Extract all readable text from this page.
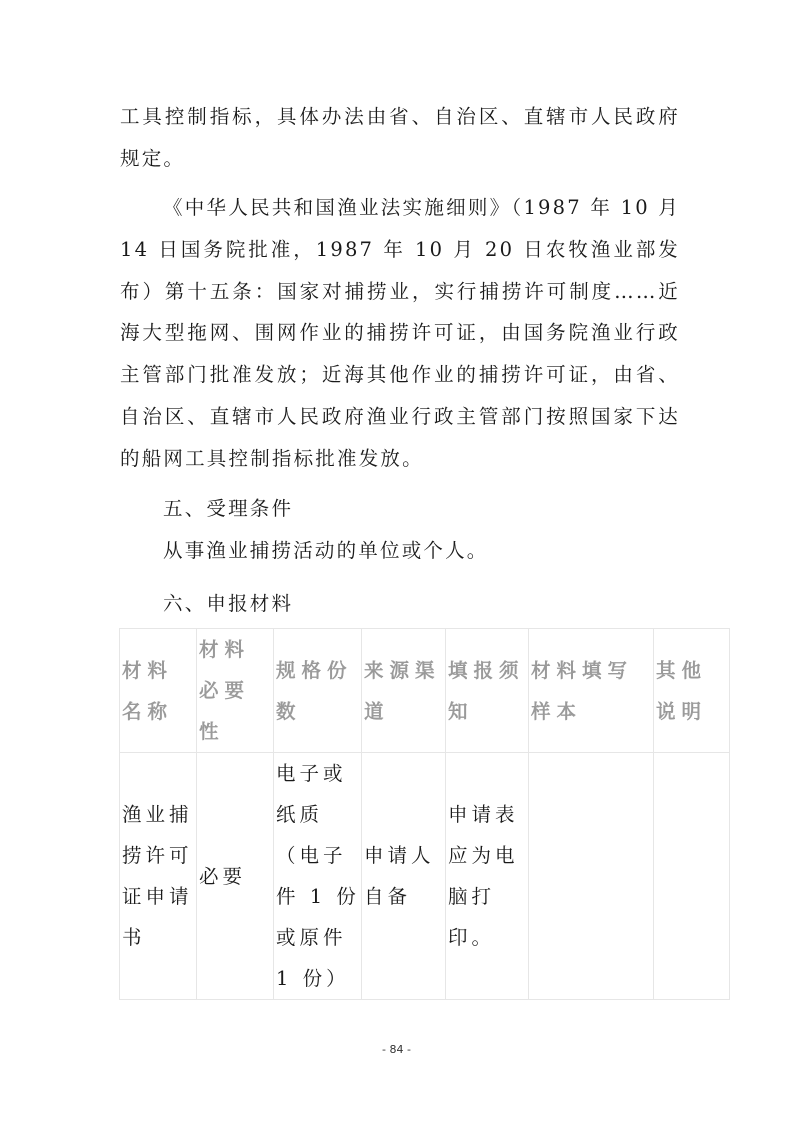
工具控制指标，具体办法由省、自治区、直辖市人民政府规定。

《中华人民共和国渔业法实施细则》（1987 年 10 月 14 日国务院批准，1987 年 10 月 20 日农牧渔业部发布）第十五条：国家对捕捞业，实行捕捞许可制度……近海大型拖网、围网作业的捕捞许可证，由国务院渔业行政主管部门批准发放；近海其他作业的捕捞许可证，由省、自治区、直辖市人民政府渔业行政主管部门按照国家下达的船网工具控制指标批准发放。

五、受理条件

从事渔业捕捞活动的单位或个人。

六、申报材料

材料名称	材料必要性	规格份数	来源渠道	填报须知	材料填写样本	其他说明
渔业捕捞许可证申请书	必要	电子或纸质（电子件 1 份或原件 1 份）	申请人自备	申请表应为电脑打印。		
- 84 -
